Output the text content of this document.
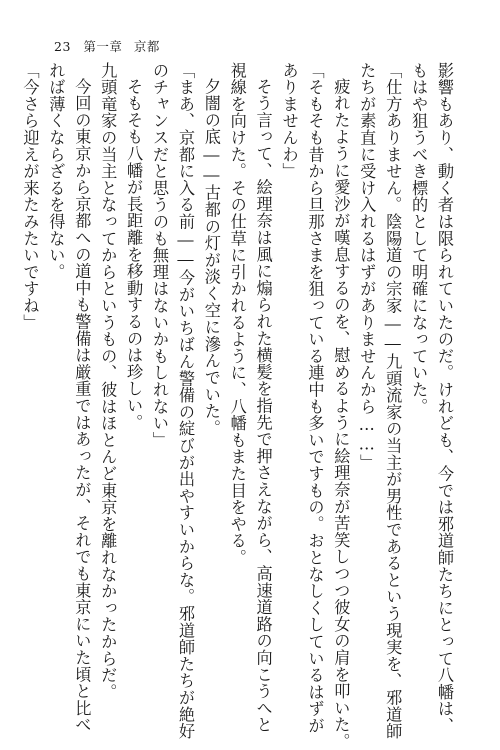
23 第一章 京都

影響もあり、動く者は限られていたのだ。けれども、今では邪道師たちにとって八幡は、

もはや狙うべき標的として明確になっていた。

「仕方ありません。陰陽道の宗家――九頭流家の当主が男性であるという現実を、邪道師

たちが素直に受け入れるはずがありませんから……」

疲れたように愛沙が嘆息するのを、慰めるように絵理奈が苦笑しつつ彼女の肩を叩いた。

「そもそも昔から旦那さまを狙っている連中も多いですもの。おとなしくしているはずが

ありませんわ」

そう言って、絵理奈は風に煽られた横髪を指先で押さえながら、高速道路の向こうへと

視線を向けた。その仕草に引かれるように、八幡もまた目をやる。

夕闇の底――古都の灯が淡く空に滲んでいた。

「まあ、京都に入る前――今がいちばん警備の綻びが出やすいからな。邪道師たちが絶好

のチャンスだと思うのも無理はないかもしれない」

そもそも八幡が長距離を移動するのは珍しい。

九頭竜家の当主となってからというもの、彼はほとんど東京を離れなかったからだ。

今回の東京から京都への道中も警備は厳重ではあったが、それでも東京にいた頃と比べ

れば薄くならざるを得ない。

「今さら迎えが来たみたいですね」
